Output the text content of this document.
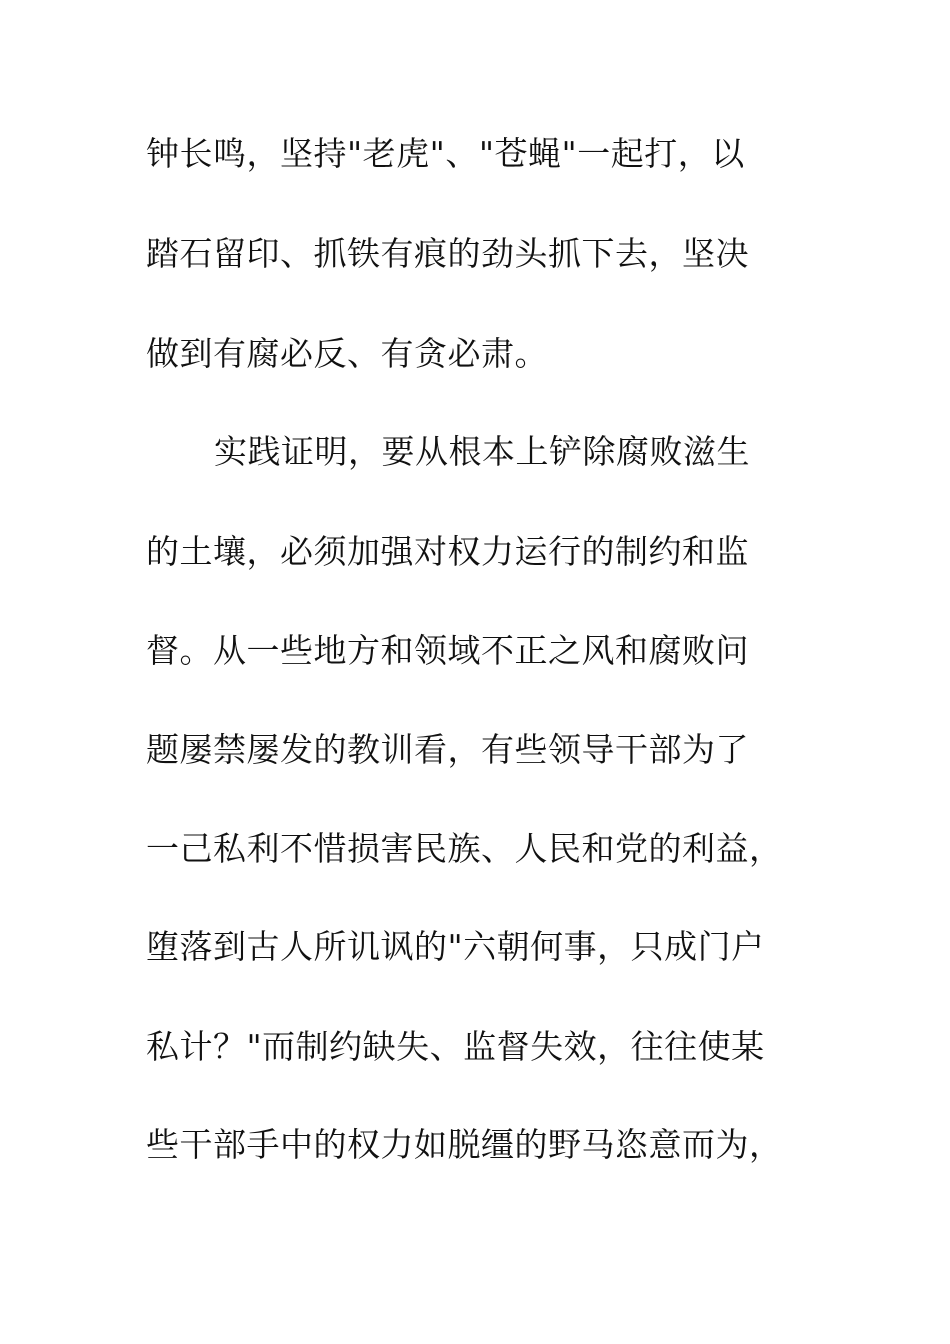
钟长鸣，坚持"老虎"、"苍蝇"一起打，以
踏石留印、抓铁有痕的劲头抓下去，坚决
做到有腐必反、有贪必肃。
实践证明，要从根本上铲除腐败滋生
的土壤，必须加强对权力运行的制约和监
督。从一些地方和领域不正之风和腐败问
题屡禁屡发的教训看，有些领导干部为了
一己私利不惜损害民族、人民和党的利益，
堕落到古人所讥讽的"六朝何事，只成门户
私计？"而制约缺失、监督失效，往往使某
些干部手中的权力如脱缰的野马恣意而为，
